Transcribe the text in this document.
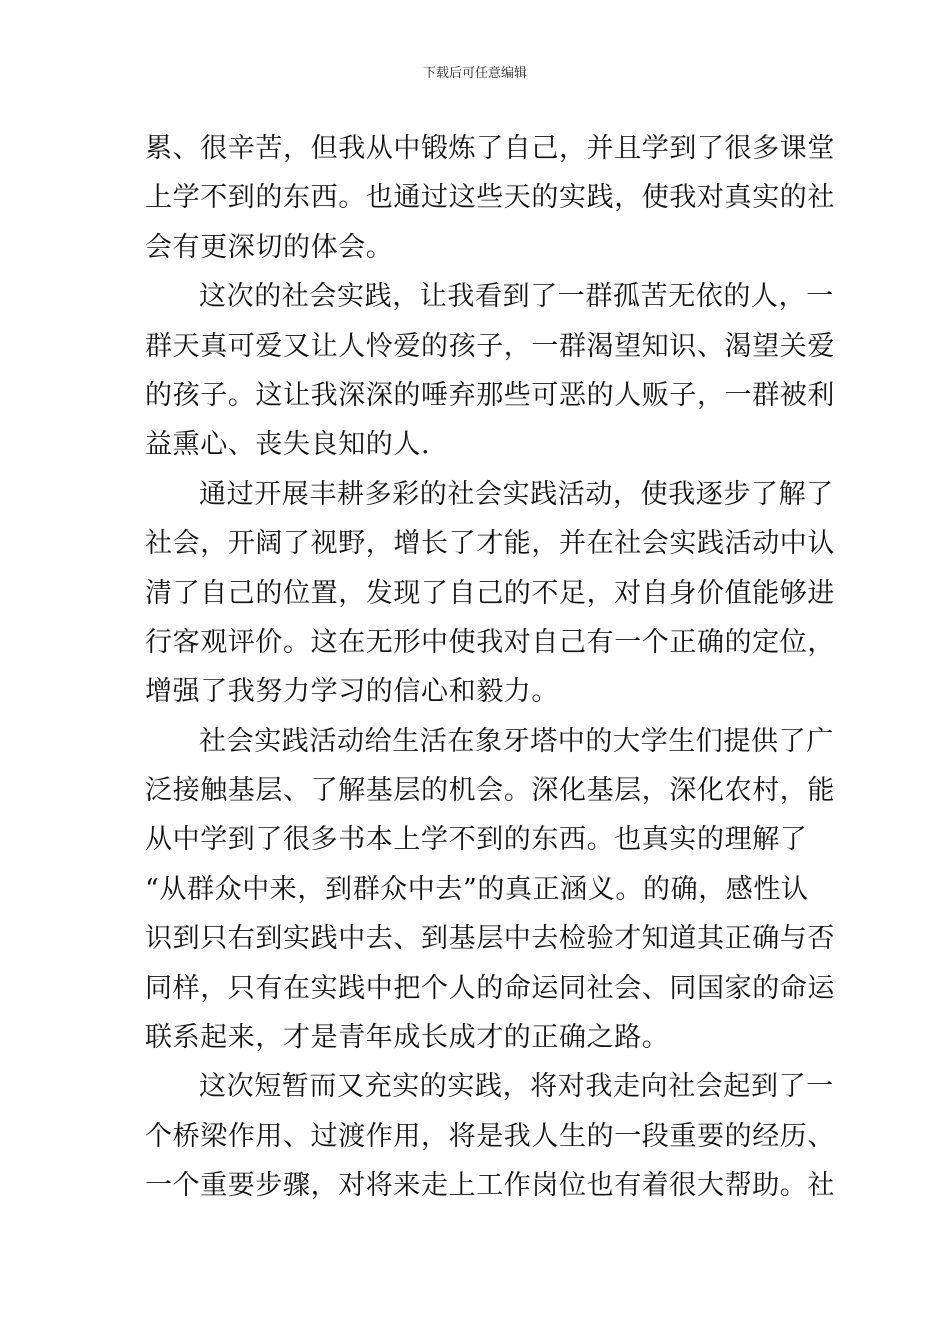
下载后可任意编辑
累、很辛苦，但我从中锻炼了自己，并且学到了很多课堂
上学不到的东西。也通过这些天的实践，使我对真实的社
会有更深切的体会。
这次的社会实践，让我看到了一群孤苦无依的人，一
群天真可爱又让人怜爱的孩子，一群渴望知识、渴望关爱
的孩子。这让我深深的唾弃那些可恶的人贩子，一群被利
益熏心、丧失良知的人.
通过开展丰耕多彩的社会实践活动，使我逐步了解了
社会，开阔了视野，增长了才能，并在社会实践活动中认
清了自己的位置，发现了自己的不足，对自身价值能够进
行客观评价。这在无形中使我对自己有一个正确的定位，
增强了我努力学习的信心和毅力。
社会实践活动给生活在象牙塔中的大学生们提供了广
泛接触基层、了解基层的机会。深化基层，深化农村，能
从中学到了很多书本上学不到的东西。也真实的理解了
“从群众中来，到群众中去”的真正涵义。的确，感性认
识到只右到实践中去、到基层中去检验才知道其正确与否
同样，只有在实践中把个人的命运同社会、同国家的命运
联系起来，才是青年成长成才的正确之路。
这次短暂而又充实的实践，将对我走向社会起到了一
个桥梁作用、过渡作用，将是我人生的一段重要的经历、
一个重要步骤，对将来走上工作岗位也有着很大帮助。社
